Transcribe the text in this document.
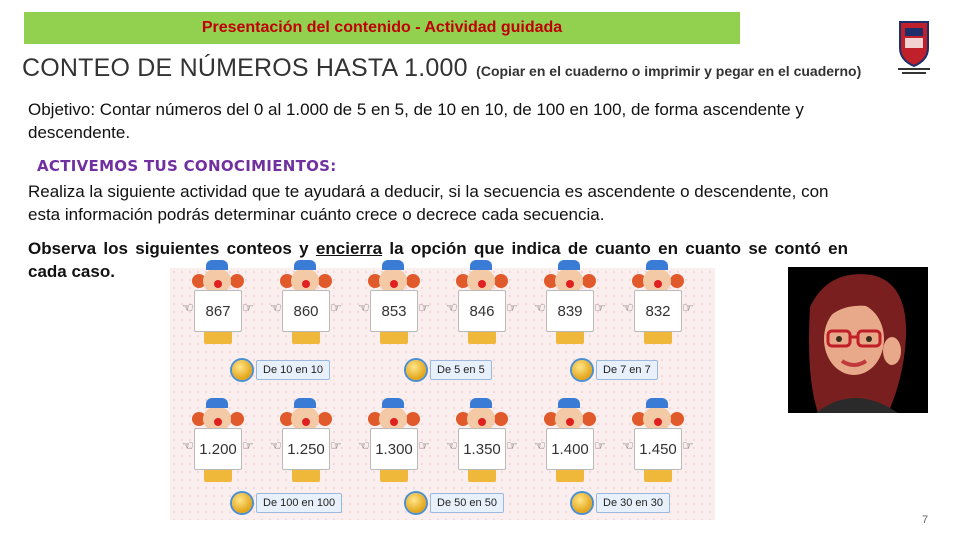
Presentación del contenido - Actividad guidada
CONTEO DE NÚMEROS HASTA 1.000 (Copiar en el cuaderno o imprimir y pegar en el cuaderno)
Objetivo: Contar números del 0 al 1.000 de 5 en 5, de 10 en 10, de 100 en 100, de forma ascendente y descendente.
ACTIVEMOS TUS CONOCIMIENTOS:
Realiza la siguiente actividad que te ayudará a deducir, si la secuencia es ascendente o descendente, con esta información podrás determinar cuánto crece o decrece cada secuencia.
Observa los siguientes conteos y encierra la opción que indica de cuanto en cuanto se contó en cada caso.
☜	☞
867	☜	☞
860	☜	☞
853	☜	☞
846	☜	☞
839	☜	☞
832
De 10 en 10	De 5 en 5	De 7 en 7
☜	☞
1.200	☜	☞
1.250	☜	☞
1.300	☜	☞
1.350	☜	☞
1.400	☜	☞
1.450
De 100 en 100	De 50 en 50	De 30 en 30
7
